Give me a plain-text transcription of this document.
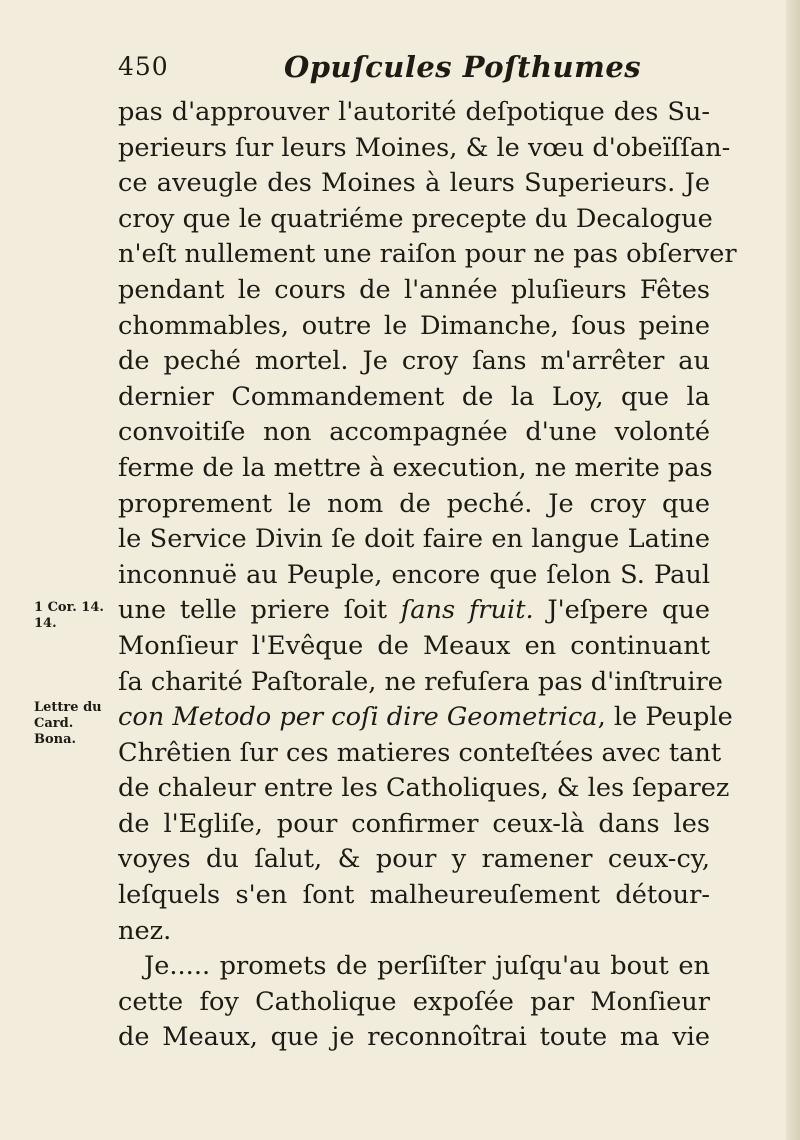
450	Opuſcules Poſthumes
1 Cor. 14. 14.
Lettre du Card. Bona.
pas d'approuver l'autorité deſpotique des Su-
perieurs ſur leurs Moines, & le vœu d'obeïſſan-
ce aveugle des Moines à leurs Superieurs. Je
croy que le quatriéme precepte du Decalogue
n'eſt nullement une raiſon pour ne pas obſerver
pendant le cours de l'année pluſieurs Fêtes
chommables, outre le Dimanche, ſous peine
de peché mortel. Je croy ſans m'arrêter au
dernier Commandement de la Loy, que la
convoitiſe non accompagnée d'une volonté
ferme de la mettre à execution, ne merite pas
proprement le nom de peché. Je croy que
le Service Divin ſe doit faire en langue Latine
inconnuë au Peuple, encore que ſelon S. Paul
une telle priere ſoit ſans fruit. J'eſpere que
Monſieur l'Evêque de Meaux en continuant
ſa charité Paſtorale, ne refuſera pas d'inſtruire
con Metodo per coſi dire Geometrica, le Peuple
Chrêtien ſur ces matieres conteſtées avec tant
de chaleur entre les Catholiques, & les ſeparez
de l'Egliſe, pour confirmer ceux-là dans les
voyes du ſalut, & pour y ramener ceux-cy,
leſquels s'en ſont malheureuſement détour-
nez.
Je..... promets de perſiſter juſqu'au bout en
cette foy Catholique expoſée par Monſieur
de Meaux, que je reconnoîtrai toute ma vie
